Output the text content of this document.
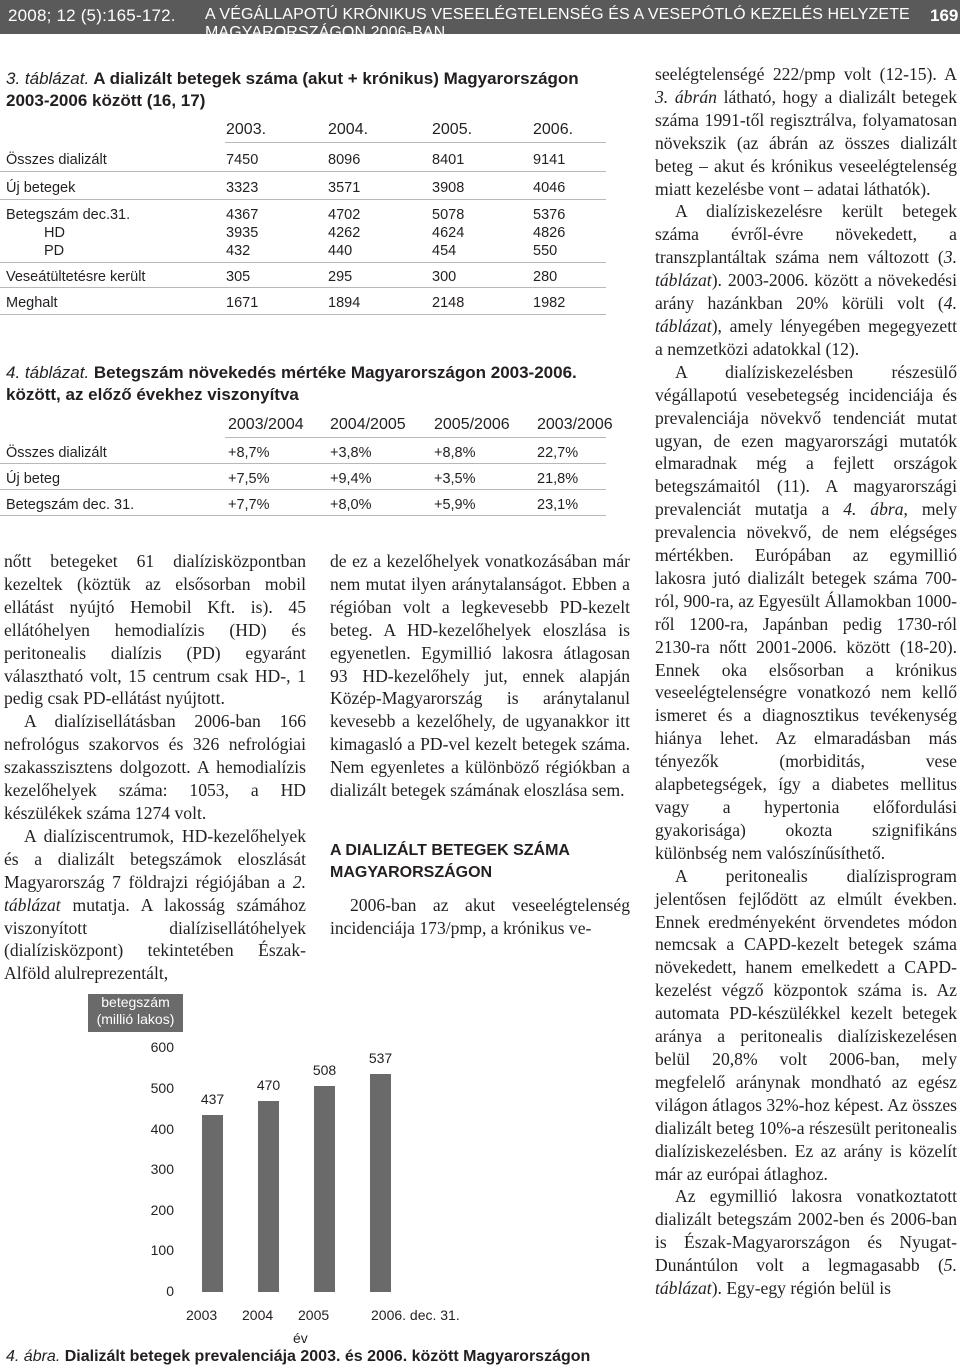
2008; 12 (5):165-172. A VÉGÁLLAPOTÚ KRÓNIKUS VESEELÉGTELENSÉG ÉS A VESEPÓTLÓ KEZELÉS HELYZETE MAGYARORSZÁGON 2006-BAN
169
3. táblázat. A dializált betegek száma (akut + krónikus) Magyarországon 2003-2006 között (16, 17)
2003.	2004.	2005.	2006.
Összes dializált	7450	8096	8401	9141
Új betegek	3323	3571	3908	4046
Betegszám dec.31.	4367	4702	5078	5376
HD	3935	4262	4624	4826
PD	432	440	454	550
Veseátültetésre került	305	295	300	280
Meghalt	1671	1894	2148	1982
4. táblázat. Betegszám növekedés mértéke Magyarországon 2003-2006. között, az előző évekhez viszonyítva
2003/2004 2004/2005 2005/2006 2003/2006
Összes dializált	+8,7%	+3,8%	+8,8%	22,7%
Új beteg	+7,5%	+9,4%	+3,5%	21,8%
Betegszám dec. 31.	+7,7%	+8,0%	+5,9%	23,1%

nőtt betegeket 61 dialízisközpontban kezeltek (köztük az elsősorban mobil ellátást nyújtó Hemobil Kft. is). 45 ellátóhelyen hemodialízis (HD) és peritonealis dialízis (PD) egyaránt választható volt, 15 centrum csak HD-, 1 pedig csak PD-ellátást nyújtott.

A dialízisellátásban 2006-ban 166 nefrológus szakorvos és 326 nefrológiai szakasszisztens dolgozott. A hemodialízis kezelőhelyek száma: 1053, a HD készülékek száma 1274 volt.

A dialíziscentrumok, HD-kezelőhelyek és a dializált betegszámok eloszlását Magyarország 7 földrajzi régiójában a 2. táblázat mutatja. A lakosság számához viszonyított dialízisellátóhelyek (dialízisközpont) tekintetében Észak-Alföld alulreprezentált,

de ez a kezelőhelyek vonatkozásában már nem mutat ilyen aránytalanságot. Ebben a régióban volt a legkevesebb PD-kezelt beteg. A HD-kezelőhelyek eloszlása is egyenetlen. Egymillió lakosra átlagosan 93 HD-kezelőhely jut, ennek alapján Közép-Magyarország is aránytalanul kevesebb a kezelőhely, de ugyanakkor itt kimagasló a PD-vel kezelt betegek száma. Nem egyenletes a különböző régiókban a dializált betegek számának eloszlása sem.

A DIALIZÁLT BETEGEK SZÁMA MAGYARORSZÁGON

2006-ban az akut veseelégtelenség incidenciája 173/pmp, a krónikus ve-

seelégtelenségé 222/pmp volt (12-15). A 3. ábrán látható, hogy a dializált betegek száma 1991-től regisztrálva, folyamatosan növekszik (az ábrán az összes dializált beteg – akut és krónikus veseelégtelenség miatt kezelésbe vont – adatai láthatók).

A dialíziskezelésre került betegek száma évről-évre növekedett, a transzplantáltak száma nem változott (3. táblázat). 2003-2006. között a növekedési arány hazánkban 20% körüli volt (4. táblázat), amely lényegében megegyezett a nemzetközi adatokkal (12).

A dialíziskezelésben részesülő végállapotú vesebetegség incidenciája és prevalenciája növekvő tendenciát mutat ugyan, de ezen magyarországi mutatók elmaradnak még a fejlett országok betegszámaitól (11). A magyarországi prevalenciát mutatja a 4. ábra, mely prevalencia növekvő, de nem elégséges mértékben. Európában az egymillió lakosra jutó dializált betegek száma 700-ról, 900-ra, az Egyesült Államokban 1000-ről 1200-ra, Japánban pedig 1730-ról 2130-ra nőtt 2001-2006. között (18-20). Ennek oka elsősorban a krónikus veseelégtelenségre vonatkozó nem kellő ismeret és a diagnosztikus tevékenység hiánya lehet. Az elmaradásban más tényezők (morbiditás, vese alapbetegségek, így a diabetes mellitus vagy a hypertonia előfordulási gyakorisága) okozta szignifikáns különbség nem valószínűsíthető.

A peritonealis dialízisprogram jelentősen fejlődött az elmúlt években. Ennek eredményeként örvendetes módon nemcsak a CAPD-kezelt betegek száma növekedett, hanem emelkedett a CAPD-kezelést végző központok száma is. Az automata PD-készülékkel kezelt betegek aránya a peritonealis dialíziskezelésen belül 20,8% volt 2006-ban, mely megfelelő aránynak mondható az egész világon átlagos 32%-hoz képest. Az összes dializált beteg 10%-a részesült peritonealis dialíziskezelésben. Ez az arány is közelít már az európai átlaghoz.

Az egymillió lakosra vonatkoztatott dializált betegszám 2002-ben és 2006-ban is Észak-Magyarországon és Nyugat-Dunántúlon volt a legmagasabb (5. táblázat). Egy-egy régión belül is

betegszám (millió lakos)
0
100
200
300
400
500
600
437
2003
470
2004
508
2005
537
2006. dec. 31.
év
4. ábra. Dializált betegek prevalenciája 2003. és 2006. között Magyarországon
